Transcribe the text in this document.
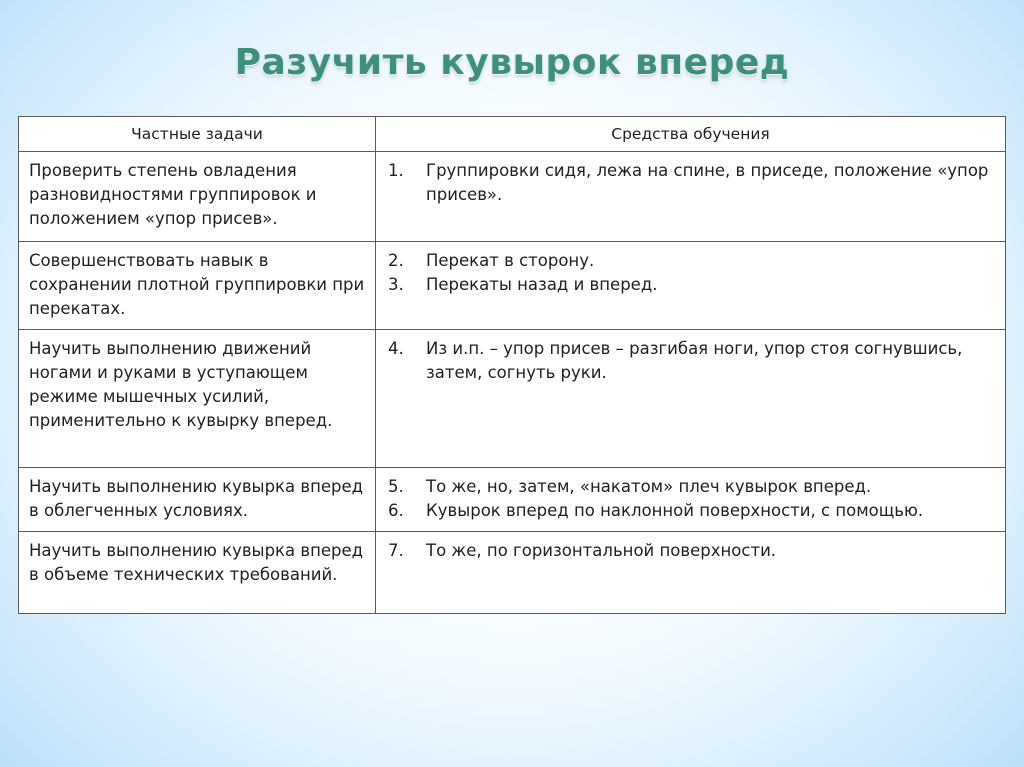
Разучить кувырок вперед
Частные задачи	Средства обучения
Проверить степень овладения разновидностями группировок и положением «упор присев».	1. Группировки сидя, лежа на спине, в приседе, положение «упор присев».

Совершенствовать навык в сохранении плотной группировки при перекатах.	2. Перекат в сторону.
3. Перекаты назад и вперед.

Научить выполнению движений ногами и руками в уступающем режиме мышечных усилий, применительно к кувырку вперед.	4. Из и.п. – упор присев – разгибая ноги, упор стоя согнувшись, затем, согнуть руки.

Научить выполнению кувырка вперед в облегченных условиях.	5. То же, но, затем, «накатом» плеч кувырок вперед.
6. Кувырок вперед по наклонной поверхности, с помощью.

Научить выполнению кувырка вперед в объеме технических требований.	7. То же, по горизонтальной поверхности.
